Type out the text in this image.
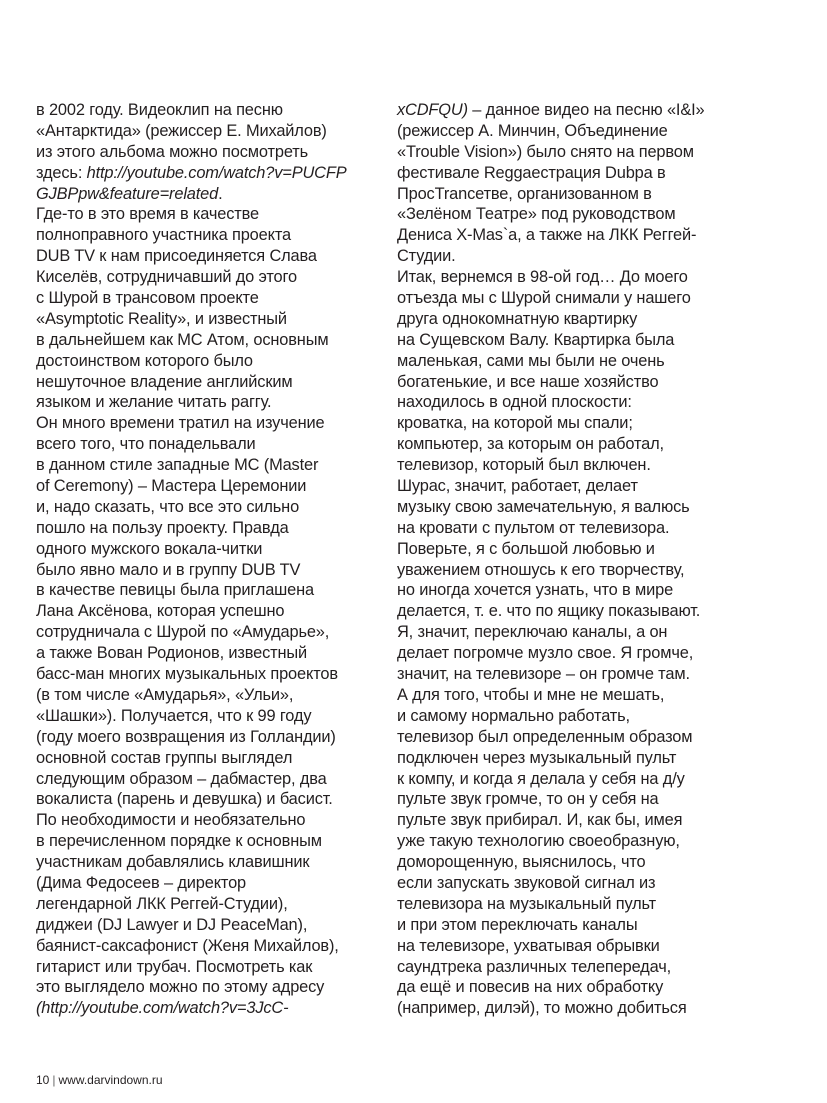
в 2002 году. Видеоклип на песню
«Антарктида» (режиссер Е. Михайлов)
из этого альбома можно посмотреть
здесь: http://youtube.com/watch?v=PUCFP
GJBPpw&feature=related.
Где-то в это время в качестве
полноправного участника проекта
DUB TV к нам присоединяется Слава
Киселёв, сотрудничавший до этого
с Шурой в трансовом проекте
«Asymptotic Reality», и известный
в дальнейшем как MC Атом, основным
достоинством которого было
нешуточное владение английским
языком и желание читать раггу.
Он много времени тратил на изучение
всего того, что понадельвали
в данном стиле западные MC (Master
of Ceremony) – Мастера Церемонии
и, надо сказать, что все это сильно
пошло на пользу проекту. Правда
одного мужского вокала-читки
было явно мало и в группу DUB TV
в качестве певицы была приглашена
Лана Аксёнова, которая успешно
сотрудничала с Шурой по «Амударье»,
а также Вован Родионов, известный
басс-ман многих музыкальных проектов
(в том числе «Амударья», «Ульи»,
«Шашки»). Получается, что к 99 году
(году моего возвращения из Голландии)
основной состав группы выглядел
следующим образом – дабмастер, два
вокалиста (парень и девушка) и басист.
По необходимости и необязательно
в перечисленном порядке к основным
участникам добавлялись клавишник
(Дима Федосеев – директор
легендарной ЛКК Реггей-Студии),
диджеи (DJ Lawyer и DJ PeaceMan),
баянист-саксафонист (Женя Михайлов),
гитарист или трубач. Посмотреть как
это выглядело можно по этому адресу
(http://youtube.com/watch?v=3JcC-
xCDFQU) – данное видео на песню «I&I»
(режиссер А. Минчин, Объединение
«Trouble Vision») было снято на первом
фестивале Reggaeстрация Dubpa в
ПросTrancетве, организованном в
«Зелёном Театре» под руководством
Дениса X-Mas`a, а также на ЛКК Реггей-
Студии.
Итак, вернемся в 98-ой год… До моего
отъезда мы с Шурой снимали у нашего
друга однокомнатную квартирку
на Сущевском Валу. Квартирка была
маленькая, сами мы были не очень
богатенькие, и все наше хозяйство
находилось в одной плоскости:
кроватка, на которой мы спали;
компьютер, за которым он работал,
телевизор, который был включен.
Шурас, значит, работает, делает
музыку свою замечательную, я валюсь
на кровати с пультом от телевизора.
Поверьте, я с большой любовью и
уважением отношусь к его творчеству,
но иногда хочется узнать, что в мире
делается, т. е. что по ящику показывают.
Я, значит, переключаю каналы, а он
делает погромче музло свое. Я громче,
значит, на телевизоре – он громче там.
А для того, чтобы и мне не мешать,
и самому нормально работать,
телевизор был определенным образом
подключен через музыкальный пульт
к компу, и когда я делала у себя на д/у
пульте звук громче, то он у себя на
пульте звук прибирал. И, как бы, имея
уже такую технологию своеобразную,
доморощенную, выяснилось, что
если запускать звуковой сигнал из
телевизора на музыкальный пульт
и при этом переключать каналы
на телевизоре, ухватывая обрывки
саундтрека различных телепередач,
да ещё и повесив на них обработку
(например, дилэй), то можно добиться
10 | www.darvindown.ru
